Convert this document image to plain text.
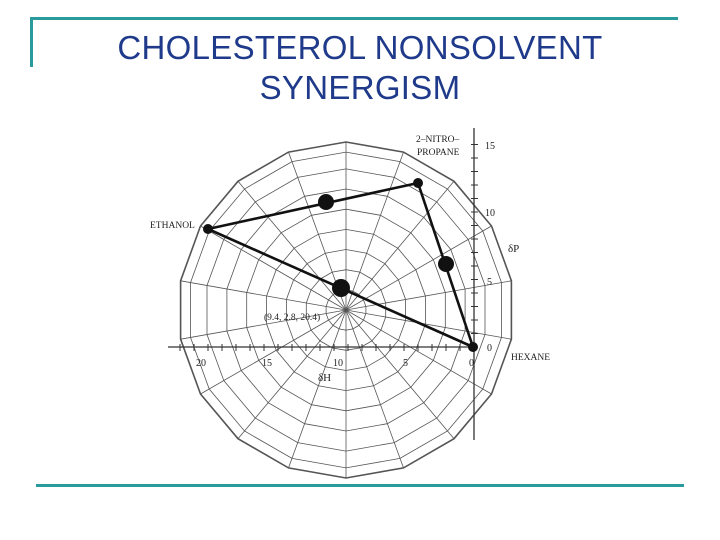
CHOLESTEROL NONSOLVENT
SYNERGISM
ETHANOL
2–NITRO–
PROPANE
HEXANE
(9.4, 2.8, 20.4)
δH
δP
20	15	10	5	0
0
5
10
15
